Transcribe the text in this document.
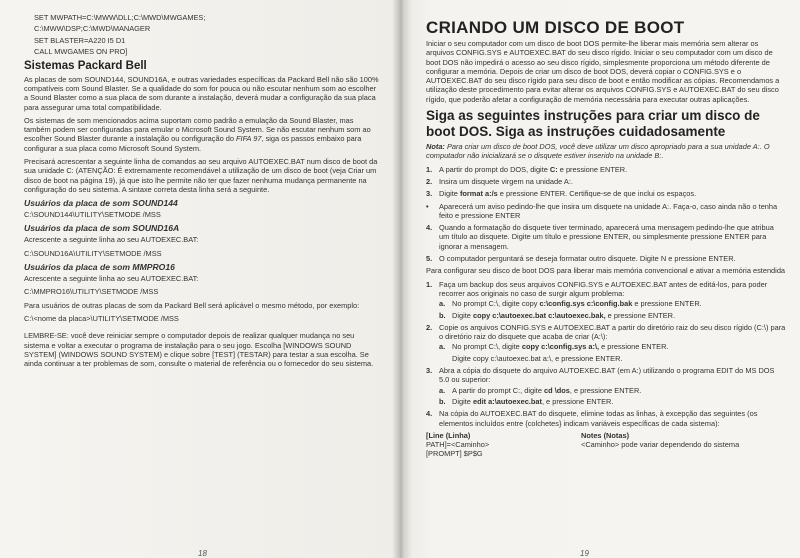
SET MWPATH=C:\MWW\DLL;C:\MWD\MWGAMES;

C:\MWW\DSP;C:\MWD\MANAGER

SET BLASTER=A220 I5 D1

CALL MWGAMES ON PRO]

Sistemas Packard Bell

As placas de som SOUND144, SOUND16A, e outras variedades específicas da Packard Bell não são 100% compatíveis com Sound Blaster. Se a qualidade do som for pouca ou não escutar nenhum som ao escolher a Sound Blaster como a sua placa de som durante a instalação, deverá mudar a configuração da sua placa para assegurar uma total compatibilidade.

Os sistemas de som mencionados acima suportam como padrão a emulação da Sound Blaster, mas também podem ser configuradas para emular o Microsoft Sound System. Se não escutar nenhum som ao escolher Sound Blaster durante a instalação ou configuração do FIFA 97, siga os passos embaixo para configurar a sua placa como Microsoft Sound System.

Precisará acrescentar a seguinte linha de comandos ao seu arquivo AUTOEXEC.BAT num disco de boot da sua unidade C: (ATENÇÃO: É extremamente recomendável a utilização de um disco de boot (veja Criar um disco de boot na página 19), já que isto lhe permite não ter que fazer nenhuma mudança permanente na configuração do seu sistema. A sintaxe correta desta linha será a seguinte.

Usuários da placa de som SOUND144

C:\SOUND144\UTILITY\SETMODE /MSS

Usuários da placa de som SOUND16A

Acrescente a seguinte linha ao seu AUTOEXEC.BAT:

C:\SOUND16A\UTILITY\SETMODE /MSS

Usuários da placa de som MMPRO16

Acrescente a seguinte linha ao seu AUTOEXEC.BAT:

C:\MMPRO16\UTILITY\SETMODE /MSS

Para usuários de outras placas de som da Packard Bell será aplicável o mesmo método, por exemplo:

C:\<nome da placa>\UTILITY\SETMODE /MSS

LEMBRE-SE: você deve reiniciar sempre o computador depois de realizar qualquer mudança no seu sistema e voltar a executar o programa de instalação para o seu jogo. Escolha [WINDOWS SOUND SYSTEM] (WINDOWS SOUND SYSTEM) e clique sobre [TEST] (TESTAR) para testar a sua escolha. Se ainda continuar a ter problemas de som, consulte o material de referência ou o fornecedor do seu sistema.

18
CRIANDO UM DISCO DE BOOT

Iniciar o seu computador com um disco de boot DOS permite-lhe liberar mais memória sem alterar os arquivos CONFIG.SYS e AUTOEXEC.BAT do seu disco rígido. Iniciar o seu computador com um disco de boot DOS não impedirá o acesso ao seu disco rígido, simplesmente proporciona um método diferente de configurar a memória. Depois de criar um disco de boot DOS, deverá copiar o CONFIG.SYS e o AUTOEXEC.BAT do seu disco rígido para seu disco de boot e então modificar as cópias. Recomendamos a utilização deste procedimento para evitar alterar os arquivos CONFIG.SYS e AUTOEXEC.BAT do seu disco rígido, que poderão afetar a configuração de memória necessária para executar outras aplicações.

Siga as seguintes instruções para criar um disco de boot DOS. Siga as instruções cuidadosamente

Nota: Para criar um disco de boot DOS, você deve utilizar um disco apropriado para a sua unidade A:. O computador não inicializará se o disquete estiver inserido na unidade B:.

1. A partir do prompt do DOS, digite C: e pressione ENTER.
2. Insira um disquete virgem na unidade A:.
3. Digite format a:/s e pressione ENTER. Certifique-se de que inclui os espaços.
• Aparecerá um aviso pedindo-lhe que insira um disquete na unidade A:. Faça-o, caso ainda não o tenha feito e pressione ENTER
4. Quando a formatação do disquete tiver terminado, aparecerá uma mensagem pedindo-lhe que atribua um título ao disquete. Digite um título e pressione ENTER, ou simplesmente pressione ENTER para ignorar a mensagem.
5. O computador perguntará se deseja formatar outro disquete. Digite N e pressione ENTER.

Para configurar seu disco de boot DOS para liberar mais memória convencional e ativar a memória estendida

1. Faça um backup dos seus arquivos CONFIG.SYS e AUTOEXEC.BAT antes de editá-los, para poder recorrer aos originais no caso de surgir algum problema:
a. No prompt C:\, digite copy c:\config.sys c:\config.bak e pressione ENTER.
b. Digite copy c:\autoexec.bat c:\autoexec.bak, e pressione ENTER.
2. Copie os arquivos CONFIG.SYS e AUTOEXEC.BAT a partir do diretório raiz do seu disco rígido (C:\) para o diretório raiz do disquete que acaba de criar (A:\):
a. No prompt C:\, digite copy c:\config.sys a:\, e pressione ENTER.
Digite copy c:\autoexec.bat a:\, e pressione ENTER.
3. Abra a cópia do disquete do arquivo AUTOEXEC.BAT (em A:) utilizando o programa EDIT do MS DOS 5.0 ou superior:
a. A partir do prompt C:, digite cd \dos, e pressione ENTER.
b. Digite edit a:\autoexec.bat, e pressione ENTER.
4. Na cópia do AUTOEXEC.BAT do disquete, elimine todas as linhas, à excepção das seguintes (os elementos incluídos entre {colchetes} indicam variáveis específicas de cada sistema):
[Line (Linha)	Notes (Notas)
PATH]=<Caminho>	<Caminho> pode variar dependendo do sistema
[PROMPT] $P$G
19
